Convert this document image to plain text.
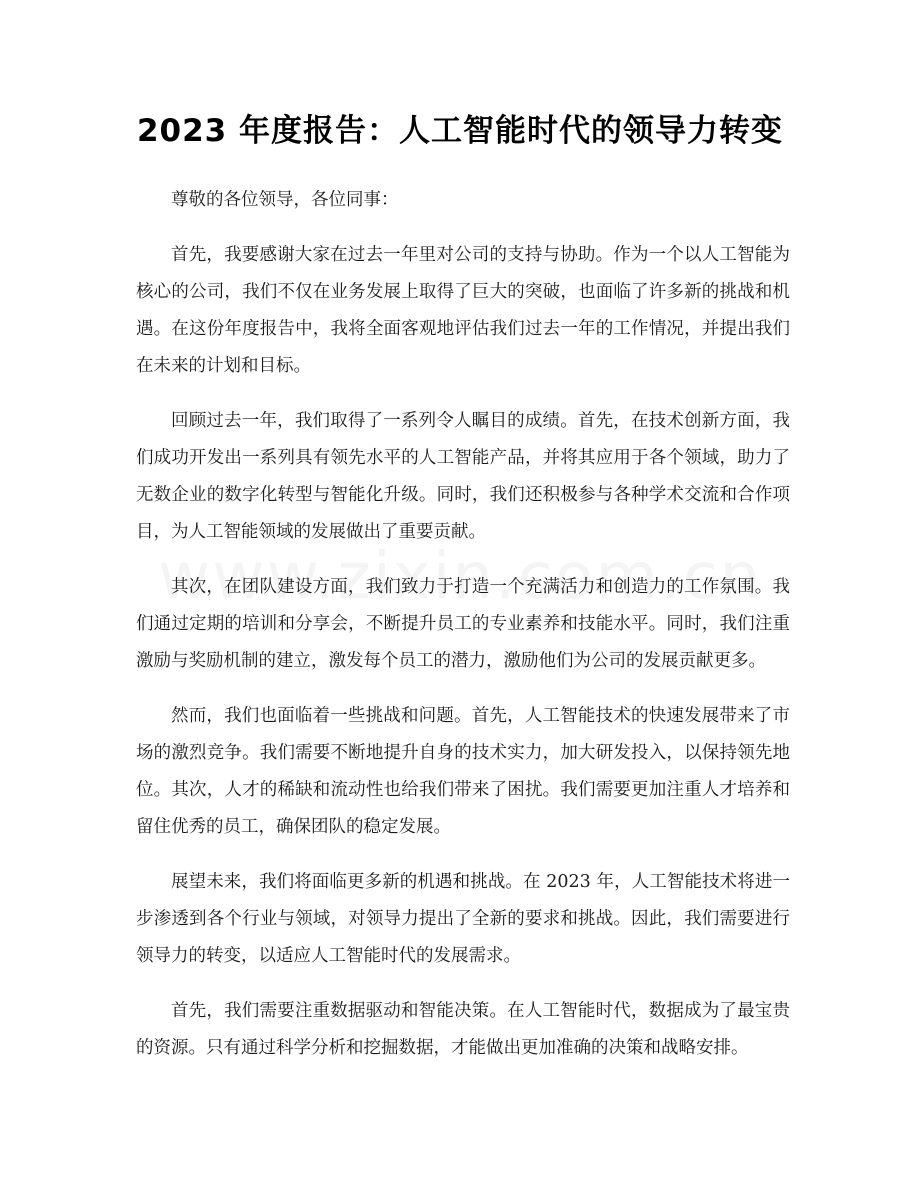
2023 年度报告：人工智能时代的领导力转变

尊敬的各位领导，各位同事：

首先，我要感谢大家在过去一年里对公司的支持与协助。作为一个以人工智能为核心的公司，我们不仅在业务发展上取得了巨大的突破，也面临了许多新的挑战和机遇。在这份年度报告中，我将全面客观地评估我们过去一年的工作情况，并提出我们在未来的计划和目标。

回顾过去一年，我们取得了一系列令人瞩目的成绩。首先，在技术创新方面，我们成功开发出一系列具有领先水平的人工智能产品，并将其应用于各个领域，助力了无数企业的数字化转型与智能化升级。同时，我们还积极参与各种学术交流和合作项目，为人工智能领域的发展做出了重要贡献。

其次，在团队建设方面，我们致力于打造一个充满活力和创造力的工作氛围。我们通过定期的培训和分享会，不断提升员工的专业素养和技能水平。同时，我们注重激励与奖励机制的建立，激发每个员工的潜力，激励他们为公司的发展贡献更多。

然而，我们也面临着一些挑战和问题。首先，人工智能技术的快速发展带来了市场的激烈竞争。我们需要不断地提升自身的技术实力，加大研发投入，以保持领先地位。其次，人才的稀缺和流动性也给我们带来了困扰。我们需要更加注重人才培养和留住优秀的员工，确保团队的稳定发展。

展望未来，我们将面临更多新的机遇和挑战。在 2023 年，人工智能技术将进一步渗透到各个行业与领域，对领导力提出了全新的要求和挑战。因此，我们需要进行领导力的转变，以适应人工智能时代的发展需求。

首先，我们需要注重数据驱动和智能决策。在人工智能时代，数据成为了最宝贵的资源。只有通过科学分析和挖掘数据，才能做出更加准确的决策和战略安排。
